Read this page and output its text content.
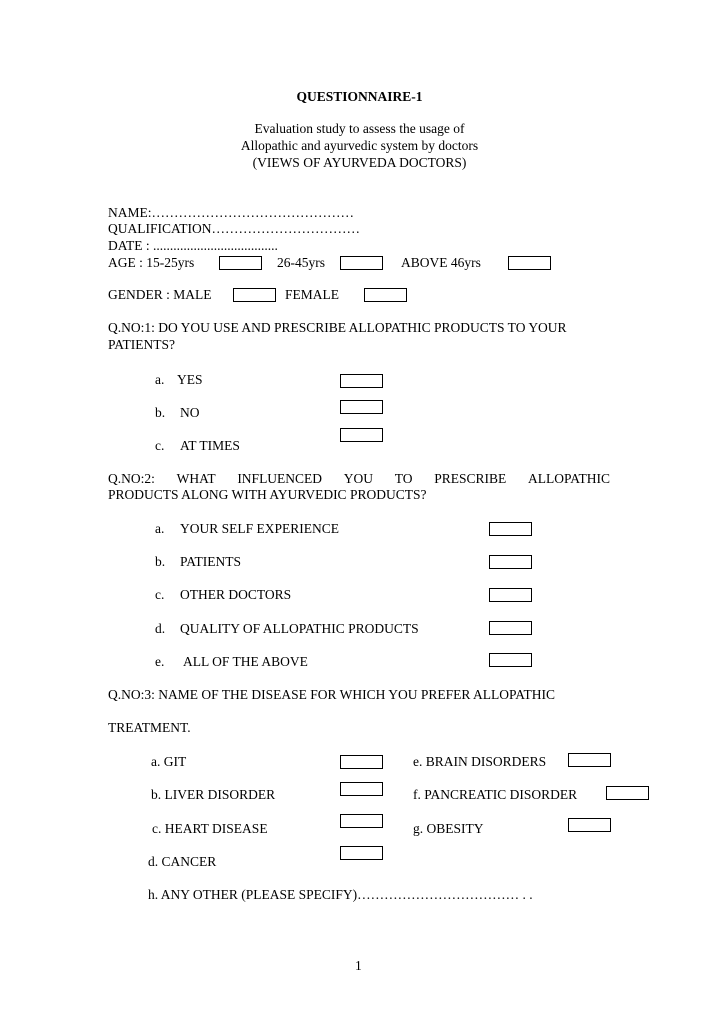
QUESTIONNAIRE-1
Evaluation study to assess the usage of
Allopathic and ayurvedic system by doctors
(VIEWS OF AYURVEDA DOCTORS)
NAME:………………………………………
QUALIFICATION……………………………
DATE : .....................................
AGE : 15-25yrs	26-45yrs	ABOVE 46yrs
GENDER : MALE	FEMALE
Q.NO:1: DO YOU USE AND PRESCRIBE ALLOPATHIC PRODUCTS TO YOUR
PATIENTS?
a. YES
b. NO
c. AT TIMES
Q.NO:2: WHAT INFLUENCED YOU TO PRESCRIBE ALLOPATHIC
PRODUCTS ALONG WITH AYURVEDIC PRODUCTS?
a. YOUR SELF EXPERIENCE
b. PATIENTS
c. OTHER DOCTORS
d. QUALITY OF ALLOPATHIC PRODUCTS
e. ALL OF THE ABOVE
Q.NO:3: NAME OF THE DISEASE FOR WHICH YOU PREFER ALLOPATHIC
TREATMENT.
a. GIT	e. BRAIN DISORDERS
b. LIVER DISORDER	f. PANCREATIC DISORDER
c. HEART DISEASE	g. OBESITY
d. CANCER
h. ANY OTHER (PLEASE SPECIFY)……………………………… . .
1
